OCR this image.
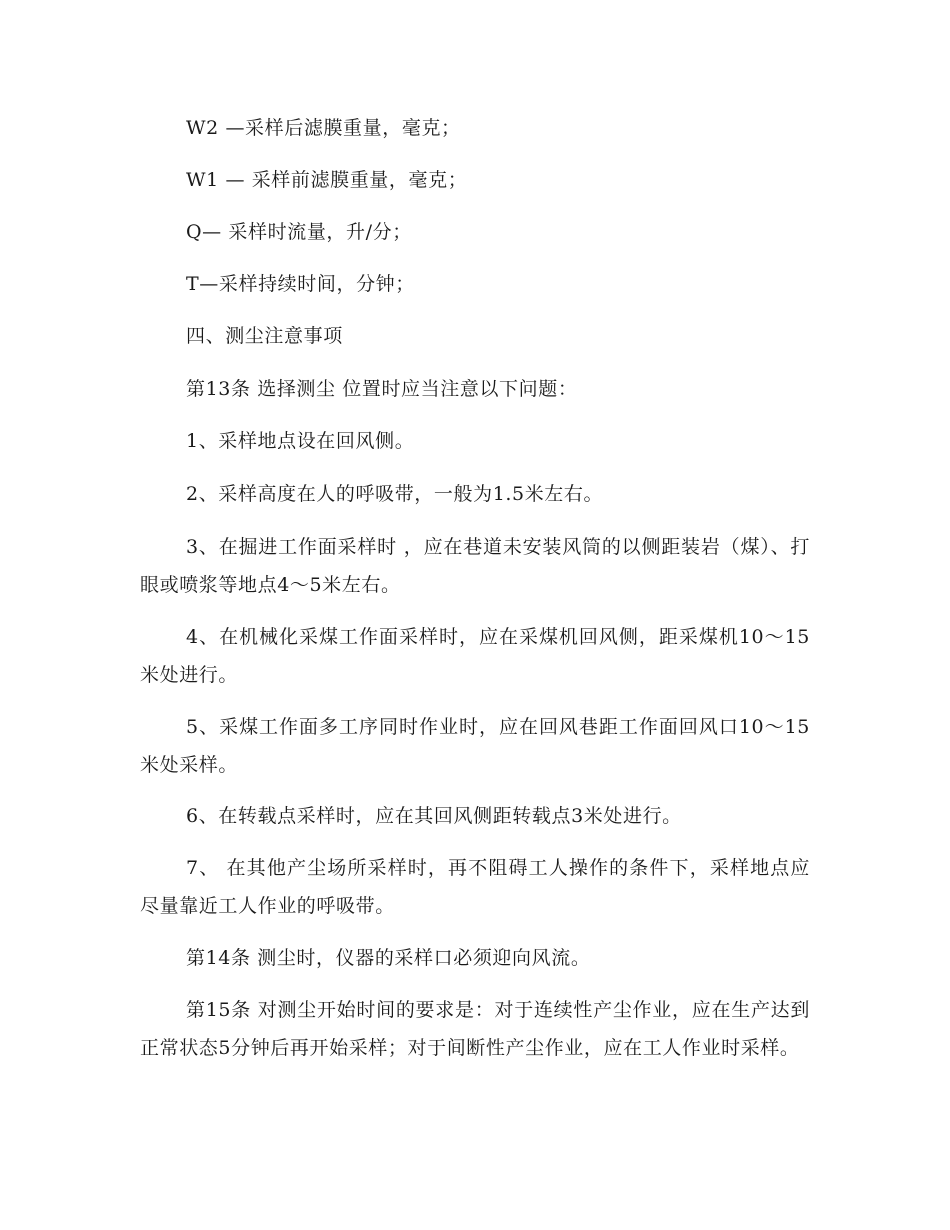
W2 —采样后滤膜重量，毫克；

W1 — 采样前滤膜重量，毫克；

Q— 采样时流量，升/分；

T—采样持续时间，分钟；

四、测尘注意事项

第13条 选择测尘 位置时应当注意以下问题：

1、采样地点设在回风侧。

2、采样高度在人的呼吸带，一般为1.5米左右。

3、在掘进工作面采样时 ，应在巷道未安装风筒的以侧距装岩（煤）、打眼或喷浆等地点4～5米左右。

4、在机械化采煤工作面采样时，应在采煤机回风侧，距采煤机10～15米处进行。

5、采煤工作面多工序同时作业时，应在回风巷距工作面回风口10～15米处采样。

6、在转载点采样时，应在其回风侧距转载点3米处进行。

7、 在其他产尘场所采样时，再不阻碍工人操作的条件下，采样地点应尽量靠近工人作业的呼吸带。

第14条 测尘时，仪器的采样口必须迎向风流。

第15条 对测尘开始时间的要求是：对于连续性产尘作业，应在生产达到正常状态5分钟后再开始采样；对于间断性产尘作业，应在工人作业时采样。
